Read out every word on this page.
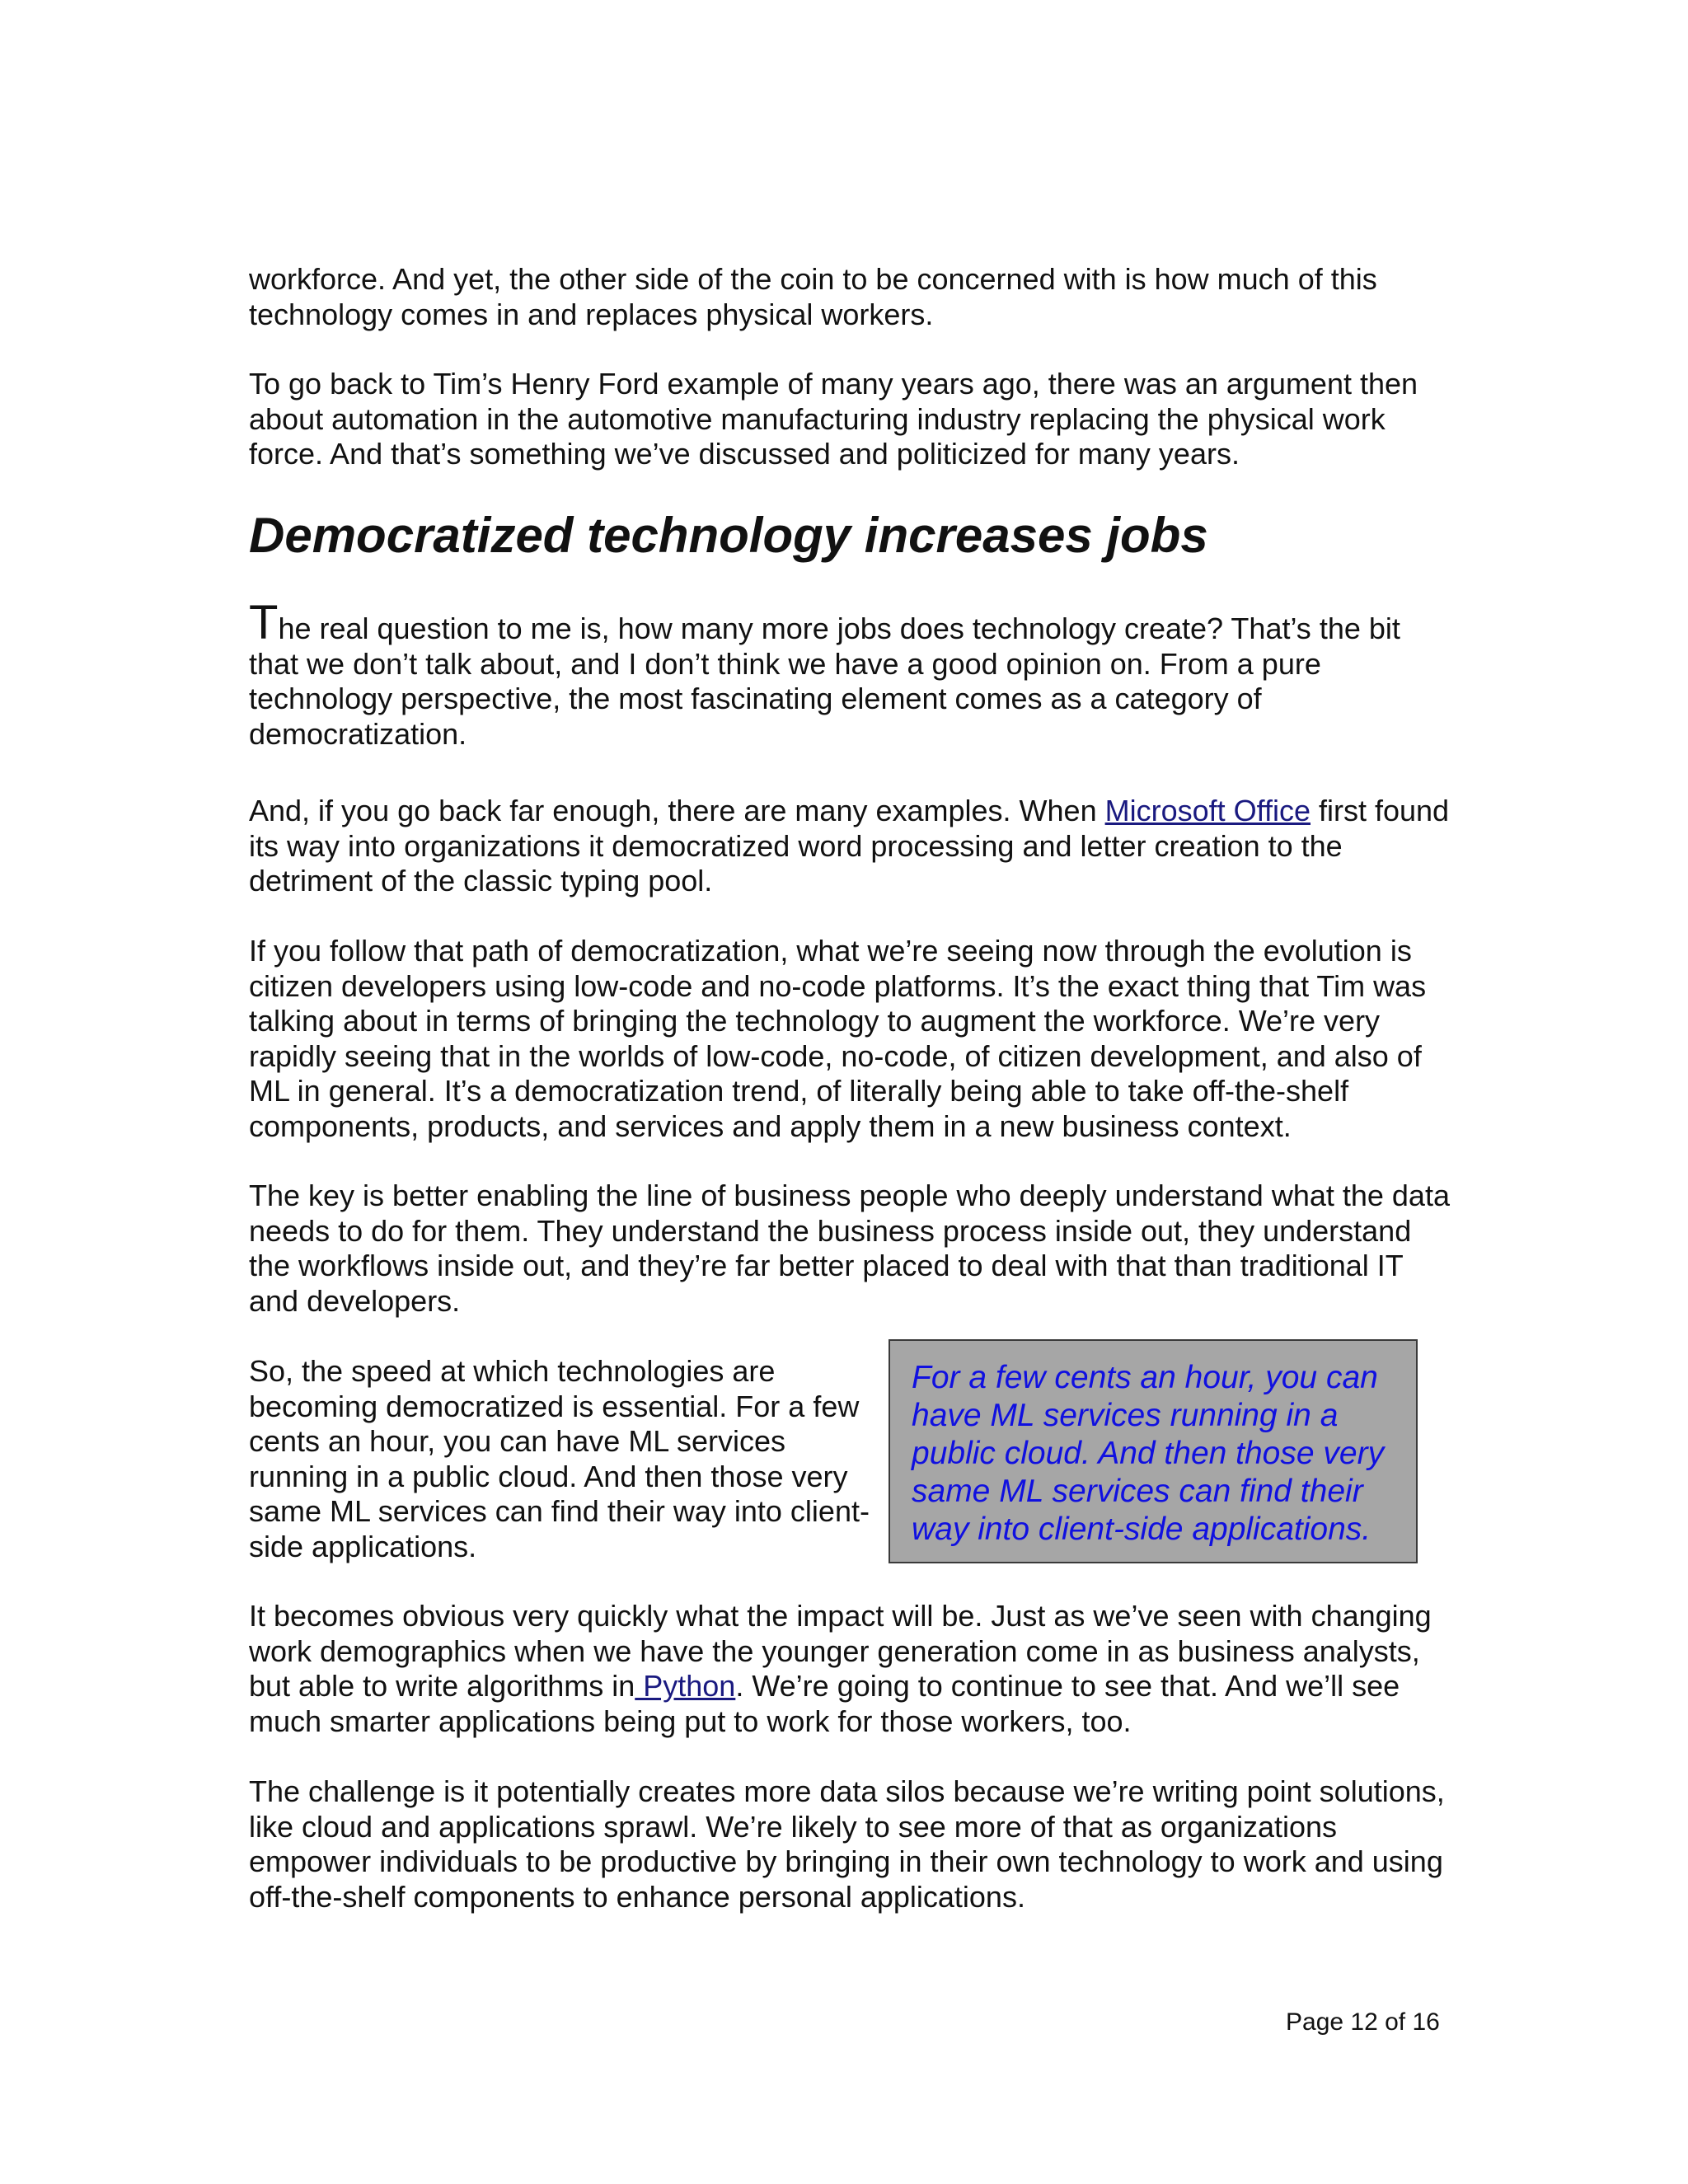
workforce. And yet, the other side of the coin to be concerned with is how much of this technology comes in and replaces physical workers.

To go back to Tim’s Henry Ford example of many years ago, there was an argument then about automation in the automotive manufacturing industry replacing the physical work force. And that’s something we’ve discussed and politicized for many years.

Democratized technology increases jobs

The real question to me is, how many more jobs does technology create? That’s the bit that we don’t talk about, and I don’t think we have a good opinion on. From a pure technology perspective, the most fascinating element comes as a category of democratization.

And, if you go back far enough, there are many examples. When Microsoft Office first found its way into organizations it democratized word processing and letter creation to the detriment of the classic typing pool.

If you follow that path of democratization, what we’re seeing now through the evolution is citizen developers using low-code and no-code platforms. It’s the exact thing that Tim was talking about in terms of bringing the technology to augment the workforce. We’re very rapidly seeing that in the worlds of low-code, no-code, of citizen development, and also of ML in general. It’s a democratization trend, of literally being able to take off-the-shelf components, products, and services and apply them in a new business context.

The key is better enabling the line of business people who deeply understand what the data needs to do for them. They understand the business process inside out, they understand the workflows inside out, and they’re far better placed to deal with that than traditional IT and developers.

So, the speed at which technologies are becoming democratized is essential. For a few cents an hour, you can have ML services running in a public cloud. And then those very same ML services can find their way into client-side applications.

For a few cents an hour, you can have ML services running in a public cloud. And then those very same ML services can find their way into client-side applications.

It becomes obvious very quickly what the impact will be. Just as we’ve seen with changing work demographics when we have the younger generation come in as business analysts, but able to write algorithms in Python. We’re going to continue to see that. And we’ll see much smarter applications being put to work for those workers, too.

The challenge is it potentially creates more data silos because we’re writing point solutions, like cloud and applications sprawl. We’re likely to see more of that as organizations empower individuals to be productive by bringing in their own technology to work and using off-the-shelf components to enhance personal applications.

Page 12 of 16
